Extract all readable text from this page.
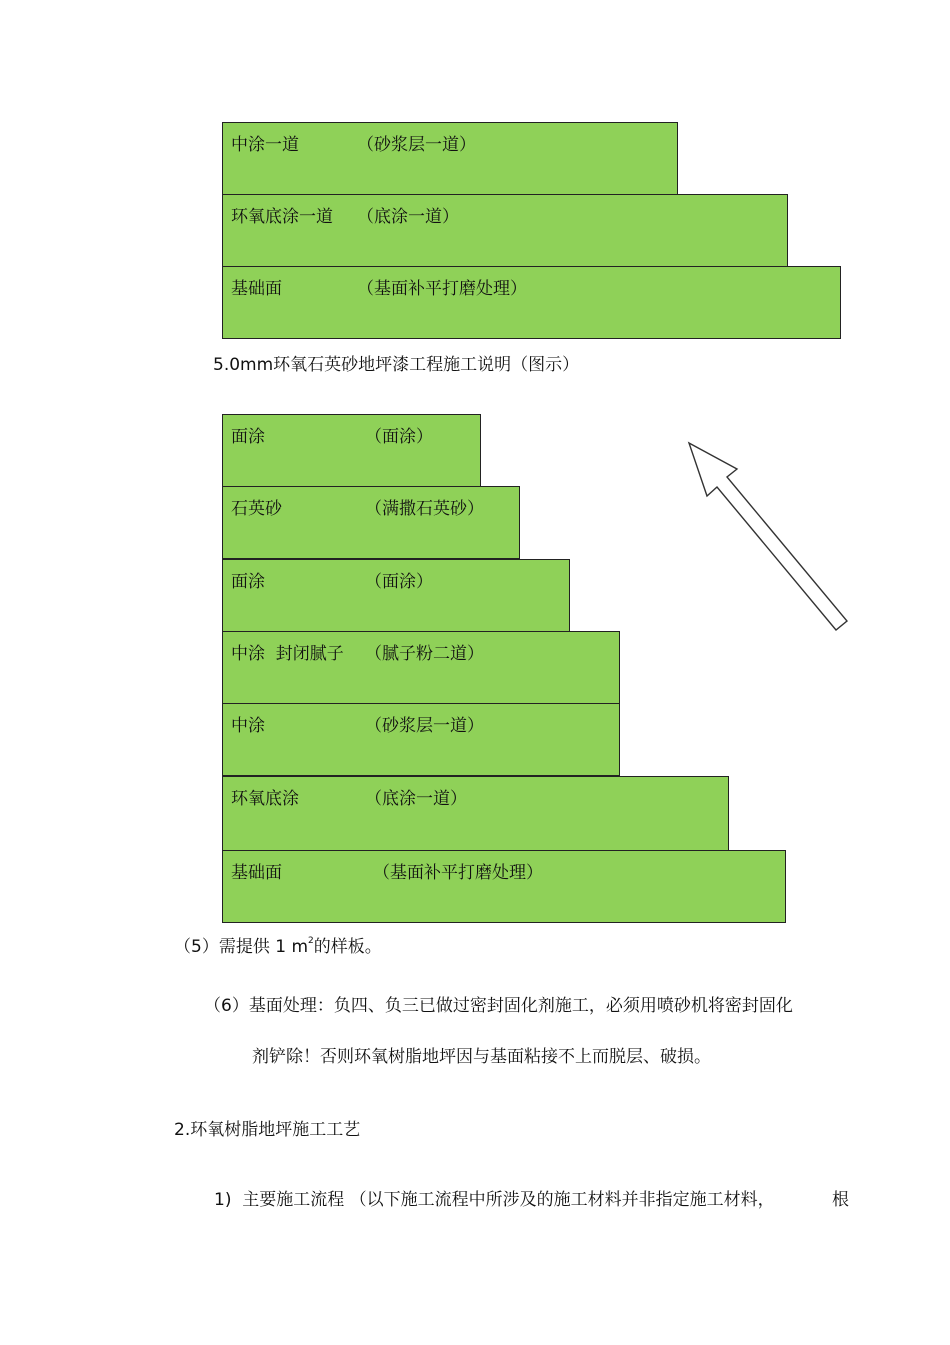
中涂一道	（砂浆层一道）
环氧底涂一道 （底涂一道）
基础面	（基面补平打磨处理）
5.0mm环氧石英砂地坪漆工程施工说明（图示）
面涂	（面涂）
石英砂	（满撒石英砂）
面涂	（面涂）
中涂  封闭腻子 （腻子粉二道）
中涂	（砂浆层一道）
环氧底涂	（底涂一道）
基础面	（基面补平打磨处理）
（5）需提供 1 $m^2$的样板。
（6）基面处理：负四、负三已做过密封固化剂施工，必须用喷砂机将密封固化
剂铲除！否则环氧树脂地坪因与基面粘接不上而脱层、破损。
2.环氧树脂地坪施工工艺
1)  主要施工流程 （以下施工流程中所涉及的施工材料并非指定施工材料，	根
